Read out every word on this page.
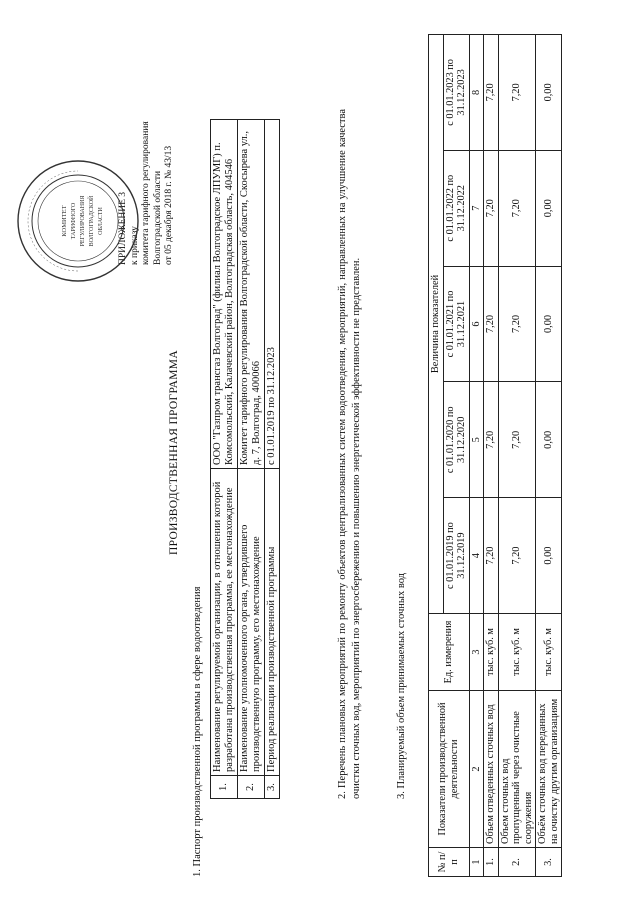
ПРИЛОЖЕНИЕ 3 к приказу комитета тарифного регулирования Волгоградской области от 05 декабря 2018 г. № 43/13
КОМИТЕТ ТАРИФНОГО РЕГУЛИРОВАНИЯ ВОЛГОГРАДСКОЙ ОБЛАСТИ
ПРОИЗВОДСТВЕННАЯ ПРОГРАММА
1. Паспорт производственной программы в сфере водоотведения 1.	Наименование регулируемой организации, в отношении которой разработана производственная программа, ее местонахождение	ООО "Газпром трансгаз Волгоград" (филиал Волгоградское ЛПУМГ) п. Комсомольский, Калачевский район, Волгоградская область, 404546
2.	Наименование уполномоченного органа, утвердившего производственную программу, его местонахождение	Комитет тарифного регулирования Волгоградской области, Скосырева ул., д. 7, Волгоград, 400066
3.	Период реализации производственной программы	с 01.01.2019 по 31.12.2023	2. Перечень плановых мероприятий по ремонту объектов централизованных систем водоотведения, мероприятий, направленных на улучшение качества очистки сточных вод, мероприятий по энергосбережению и повышению энергетической эффективности не представлен.	3. Планируемый объем принимаемых сточных вод
№ п/п	Показатели производственной деятельности	Ед. измерения	Величина показателей				
			с 01.01.2019 по 31.12.2019	с 01.01.2020 по 31.12.2020	с 01.01.2021 по 31.12.2021	с 01.01.2022 по 31.12.2022	с 01.01.2023 по 31.12.2023
1	2	3	4	5	6	7	8
1.	Объем отведенных сточных вод	тыс. куб. м	7,20	7,20	7,20	7,20	7,20
2.	Объем сточных вод пропущенный через очистные сооружения	тыс. куб. м	7,20	7,20	7,20	7,20	7,20
3.	Объём сточных вод переданных на очистку другим организациям	тыс. куб. м	0,00	0,00	0,00	0,00	0,00
